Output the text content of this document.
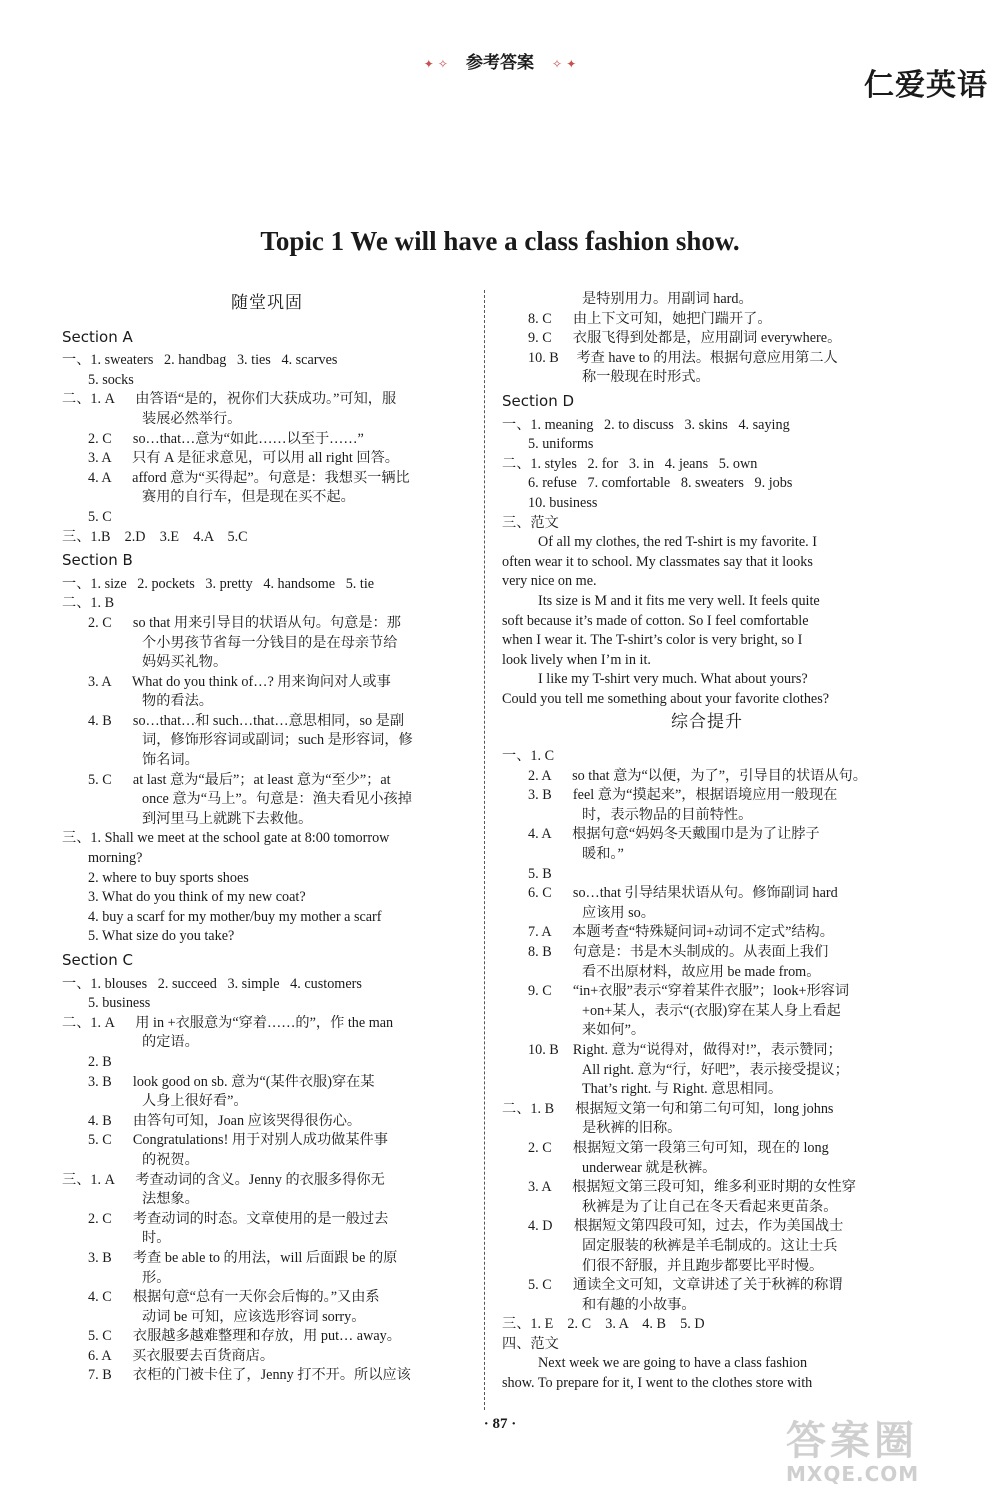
✦ ✧ 参考答案 ✧ ✦
仁爱英语
Topic 1 We will have a class fashion show.
随堂巩固
Section A
一、1. sweaters   2. handbag   3. ties   4. scarves
5. socks
二、1. A      由答语“是的，祝你们大获成功。”可知，服
装展必然举行。
2. C      so…that…意为“如此……以至于……”
3. A      只有 A 是征求意见，可以用 all right 回答。
4. A      afford 意为“买得起”。句意是：我想买一辆比
赛用的自行车，但是现在买不起。
5. C
三、1.B    2.D    3.E    4.A    5.C
Section B
一、1. size   2. pockets   3. pretty   4. handsome   5. tie
二、1. B
2. C      so that 用来引导目的状语从句。句意是：那
个小男孩节省每一分钱目的是在母亲节给
妈妈买礼物。
3. A      What do you think of…? 用来询问对人或事
物的看法。
4. B      so…that…和 such…that…意思相同，so 是副
词，修饰形容词或副词；such 是形容词，修
饰名词。
5. C      at last 意为“最后”；at least 意为“至少”；at
once 意为“马上”。句意是：渔夫看见小孩掉
到河里马上就跳下去救他。
三、1. Shall we meet at the school gate at 8:00 tomorrow
morning?
2. where to buy sports shoes
3. What do you think of my new coat?
4. buy a scarf for my mother/buy my mother a scarf
5. What size do you take?
Section C
一、1. blouses   2. succeed   3. simple   4. customers
5. business
二、1. A      用 in +衣服意为“穿着……的”，作 the man
的定语。
2. B
3. B      look good on sb. 意为“(某件衣服)穿在某
人身上很好看”。
4. B      由答句可知，Joan 应该哭得很伤心。
5. C      Congratulations! 用于对别人成功做某件事
的祝贺。
三、1. A      考查动词的含义。Jenny 的衣服多得你无
法想象。
2. C      考查动词的时态。文章使用的是一般过去
时。
3. B      考查 be able to 的用法，will 后面跟 be 的原
形。
4. C      根据句意“总有一天你会后悔的。”又由系
动词 be 可知，应该选形容词 sorry。
5. C      衣服越多越难整理和存放，用 put… away。
6. A      买衣服要去百货商店。
7. B      衣柜的门被卡住了，Jenny 打不开。所以应该
是特别用力。用副词 hard。
8. C      由上下文可知，她把门踹开了。
9. C      衣服飞得到处都是，应用副词 everywhere。
10. B     考查 have to 的用法。根据句意应用第二人
称一般现在时形式。
Section D
一、1. meaning   2. to discuss   3. skins   4. saying
5. uniforms
二、1. styles   2. for   3. in   4. jeans   5. own
6. refuse   7. comfortable   8. sweaters   9. jobs
10. business
三、范文
Of all my clothes, the red T-shirt is my favorite. I
often wear it to school. My classmates say that it looks
very nice on me.
Its size is M and it fits me very well. It feels quite
soft because it’s made of cotton. So I feel comfortable
when I wear it. The T-shirt’s color is very bright, so I
look lively when I’m in it.
I like my T-shirt very much. What about yours?
Could you tell me something about your favorite clothes?
综合提升
一、1. C
2. A      so that 意为“以便，为了”，引导目的状语从句。
3. B      feel 意为“摸起来”，根据语境应用一般现在
时，表示物品的目前特性。
4. A      根据句意“妈妈冬天戴围巾是为了让脖子
暖和。”
5. B
6. C      so…that 引导结果状语从句。修饰副词 hard
应该用 so。
7. A      本题考查“特殊疑问词+动词不定式”结构。
8. B      句意是：书是木头制成的。从表面上我们
看不出原材料，故应用 be made from。
9. C      “in+衣服”表示“穿着某件衣服”；look+形容词
+on+某人，表示“(衣服)穿在某人身上看起
来如何”。
10. B    Right. 意为“说得对，做得对!”，表示赞同；
All right. 意为“行，好吧”，表示接受提议；
That’s right. 与 Right. 意思相同。
二、1. B      根据短文第一句和第二句可知，long johns
是秋裤的旧称。
2. C      根据短文第一段第三句可知，现在的 long
underwear 就是秋裤。
3. A      根据短文第三段可知，维多利亚时期的女性穿
秋裤是为了让自己在冬天看起来更苗条。
4. D      根据短文第四段可知，过去，作为美国战士
固定服装的秋裤是羊毛制成的。这让士兵
们很不舒服，并且跑步都要比平时慢。
5. C      通读全文可知，文章讲述了关于秋裤的称谓
和有趣的小故事。
三、1. E    2. C    3. A    4. B    5. D
四、范文
Next week we are going to have a class fashion
show. To prepare for it, I went to the clothes store with
· 87 ·	答案圈
MXQE.COM
